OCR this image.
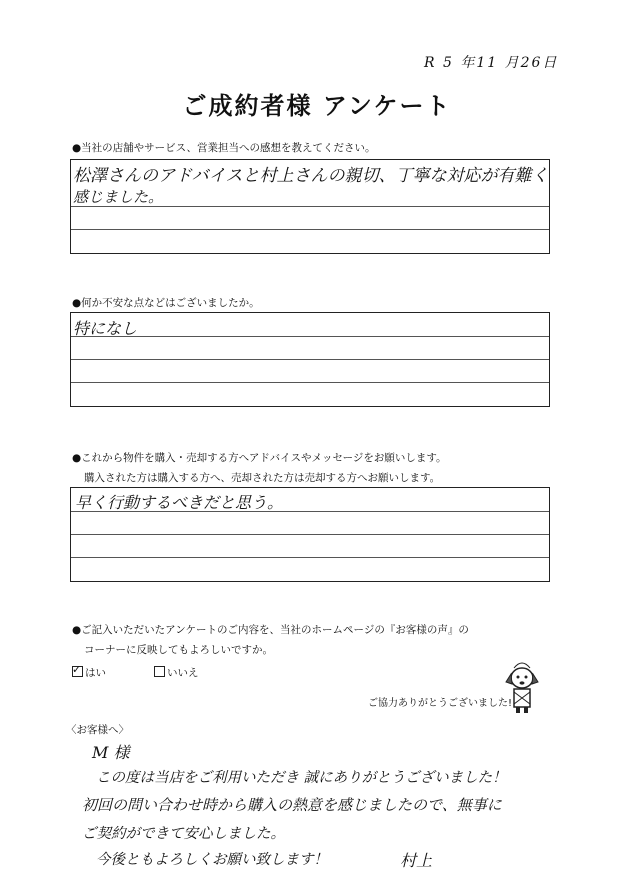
R 5 年11 月26日
ご成約者様 アンケート
●当社の店舗やサービス、営業担当への感想を教えてください。
松澤さんのアドバイスと村上さんの親切、丁寧な対応が有難く
感じました。
●何か不安な点などはございましたか。
特になし
●これから物件を購入・売却する方へアドバイスやメッセージをお願いします。
購入された方は購入する方へ、売却された方は売却する方へお願いします。
早く行動するべきだと思う。
●ご記入いただいたアンケートのご内容を、当社のホームページの『お客様の声』の
コーナーに反映してもよろしいですか。
✓はい	いいえ
ご協力ありがとうございました!
〈お客様へ〉
M 様
この度は当店をご利用いただき 誠にありがとうございました！
初回の問い合わせ時から購入の熱意を感じましたので、無事に
ご契約ができて安心しました。
今後ともよろしくお願い致します！	村上
